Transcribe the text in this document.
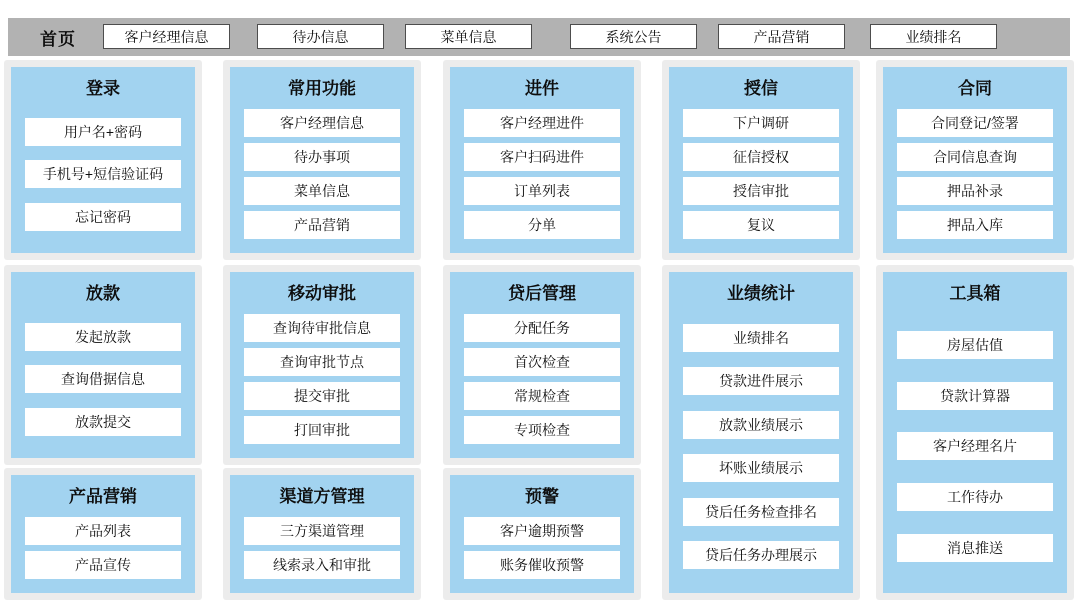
首页	客户经理信息	待办信息	菜单信息	系统公告	产品营销	业绩排名
登录
用户名+密码
手机号+短信验证码
忘记密码
常用功能
客户经理信息
待办事项
菜单信息
产品营销
进件
客户经理进件
客户扫码进件
订单列表
分单
授信
下户调研
征信授权
授信审批
复议
合同
合同登记/签署
合同信息查询
押品补录
押品入库
放款
发起放款
查询借据信息
放款提交
移动审批
查询待审批信息
查询审批节点
提交审批
打回审批
贷后管理
分配任务
首次检查
常规检查
专项检查
业绩统计
业绩排名
贷款进件展示
放款业绩展示
坏账业绩展示
贷后任务检查排名
贷后任务办理展示
工具箱
房屋估值
贷款计算器
客户经理名片
工作待办
消息推送
产品营销
产品列表
产品宣传
渠道方管理
三方渠道管理
线索录入和审批
预警
客户逾期预警
账务催收预警
